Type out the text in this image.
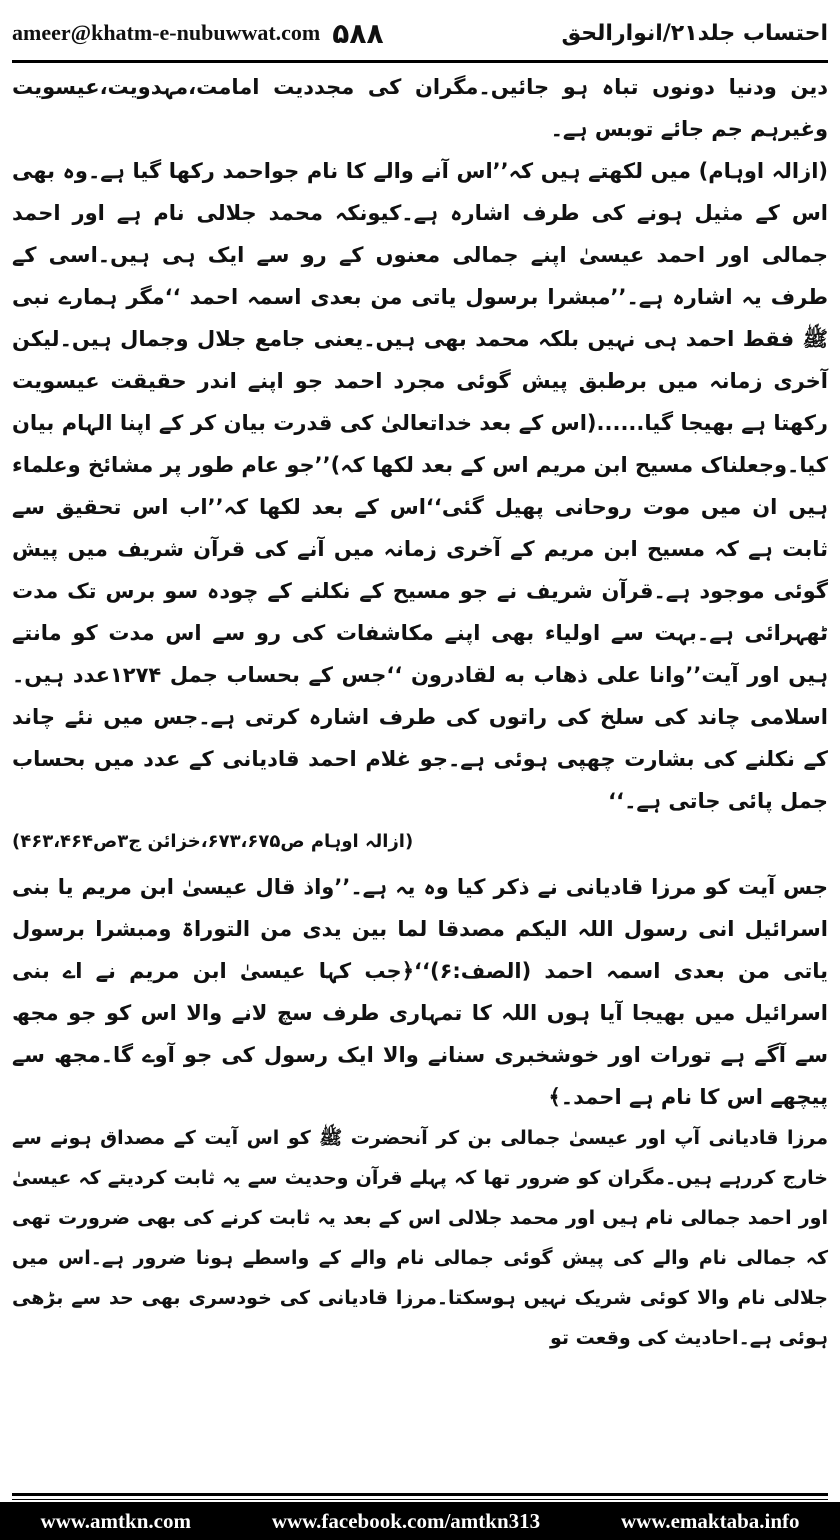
ameer@khatm-e-nubuwwat.com ۵۸۸	احتساب جلد۲۱/انوارالحق

دین ودنیا دونوں تباہ ہو جائیں۔مگران کی مجددیت امامت،مہدویت،عیسویت وغیرہم جم جائے توبس ہے۔

(ازالہ اوہام) میں لکھتے ہیں کہ’’اس آنے والے کا نام جواحمد رکھا گیا ہے۔وہ بھی اس کے مثیل ہونے کی طرف اشارہ ہے۔کیونکہ محمد جلالی نام ہے اور احمد جمالی اور احمد عیسیٰ اپنے جمالی معنوں کے رو سے ایک ہی ہیں۔اسی کے طرف یہ اشارہ ہے۔’’مبشرا برسول یاتی من بعدی اسمہ احمد ‘‘مگر ہمارے نبی ﷺ فقط احمد ہی نہیں بلکہ محمد بھی ہیں۔یعنی جامع جلال وجمال ہیں۔لیکن آخری زمانہ میں برطبق پیش گوئی مجرد احمد جو اپنے اندر حقیقت عیسویت رکھتا ہے بھیجا گیا......(اس کے بعد خداتعالیٰ کی قدرت بیان کر کے اپنا الہام بیان کیا۔وجعلناک مسیح ابن مریم اس کے بعد لکھا کہ)’’جو عام طور پر مشائخ وعلماء ہیں ان میں موت روحانی پھیل گئی‘‘اس کے بعد لکھا کہ’’اب اس تحقیق سے ثابت ہے کہ مسیح ابن مریم کے آخری زمانہ میں آنے کی قرآن شریف میں پیش گوئی موجود ہے۔قرآن شریف نے جو مسیح کے نکلنے کے چودہ سو برس تک مدت ٹھہرائی ہے۔بہت سے اولیاء بھی اپنے مکاشفات کی رو سے اس مدت کو مانتے ہیں اور آیت’’وانا علی ذھاب به لقادرون ‘‘جس کے بحساب جمل ۱۲۷۴عدد ہیں۔اسلامی چاند کی سلخ کی راتوں کی طرف اشارہ کرتی ہے۔جس میں نئے چاند کے نکلنے کی بشارت چھپی ہوئی ہے۔جو غلام احمد قادیانی کے عدد میں بحساب جمل پائی جاتی ہے۔‘‘

(ازالہ اوہام ص۶۷۳،۶۷۵،خزائن ج۳ص۴۶۳،۴۶۴)

جس آیت کو مرزا قادیانی نے ذکر کیا وہ یہ ہے۔’’واذ قال عیسیٰ ابن مریم یا بنی اسرائیل انی رسول اللہ الیکم مصدقا لما بین یدی من التوراۃ ومبشرا برسول یاتی من بعدی اسمہ احمد (الصف:۶)‘‘﴿جب کہا عیسیٰ ابن مریم نے اے بنی اسرائیل میں بھیجا آیا ہوں اللہ کا تمہاری طرف سچ لانے والا اس کو جو مجھ سے آگے ہے تورات اور خوشخبری سنانے والا ایک رسول کی جو آوے گا۔مجھ سے پیچھے اس کا نام ہے احمد۔﴾

مرزا قادیانی آپ اور عیسیٰ جمالی بن کر آنحضرت ﷺ کو اس آیت کے مصداق ہونے سے خارج کررہے ہیں۔مگران کو ضرور تھا کہ پہلے قرآن وحدیث سے یہ ثابت کردیتے کہ عیسیٰ اور احمد جمالی نام ہیں اور محمد جلالی اس کے بعد یہ ثابت کرنے کی بھی ضرورت تھی کہ جمالی نام والے کی پیش گوئی جمالی نام والے کے واسطے ہونا ضرور ہے۔اس میں جلالی نام والا کوئی شریک نہیں ہوسکتا۔مرزا قادیانی کی خودسری بھی حد سے بڑھی ہوئی ہے۔احادیث کی وقعت تو

www.amtkn.com	www.facebook.com/amtkn313	www.emaktaba.info
